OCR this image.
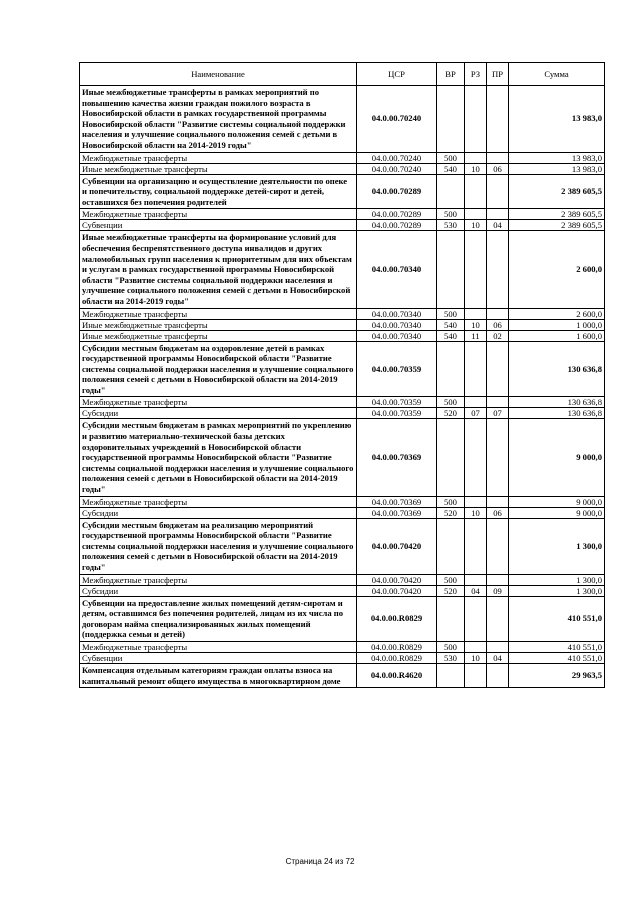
Наименование	ЦСР	ВР	РЗ	ПР	Сумма
Иные межбюджетные трансферты в рамках мероприятий по повышению качества жизни граждан пожилого возраста в Новосибирской области в рамках государственной программы Новосибирской области "Развитие системы социальной поддержки населения и улучшение социального положения семей с детьми в Новосибирской области на 2014-2019 годы"	04.0.00.70240				13 983,0
Межбюджетные трансферты	04.0.00.70240	500			13 983,0
Иные межбюджетные трансферты	04.0.00.70240	540	10	06	13 983,0
Субвенции на организацию и осуществление деятельности по опеке и попечительству, социальной поддержке детей-сирот и детей, оставшихся без попечения родителей	04.0.00.70289				2 389 605,5
Межбюджетные трансферты	04.0.00.70289	500			2 389 605,5
Субвенции	04.0.00.70289	530	10	04	2 389 605,5
Иные межбюджетные трансферты на формирование условий для обеспечения беспрепятственного доступа инвалидов и других маломобильных групп населения к приоритетным для них объектам и услугам в рамках государственной программы Новосибирской области "Развитие системы социальной поддержки населения и улучшение социального положения семей с детьми в Новосибирской области на 2014-2019 годы"	04.0.00.70340				2 600,0
Межбюджетные трансферты	04.0.00.70340	500			2 600,0
Иные межбюджетные трансферты	04.0.00.70340	540	10	06	1 000,0
Иные межбюджетные трансферты	04.0.00.70340	540	11	02	1 600,0
Субсидии местным бюджетам на оздоровление детей в рамках государственной программы Новосибирской области "Развитие системы социальной поддержки населения и улучшение социального положения семей с детьми в Новосибирской области на 2014-2019 годы"	04.0.00.70359				130 636,8
Межбюджетные трансферты	04.0.00.70359	500			130 636,8
Субсидии	04.0.00.70359	520	07	07	130 636,8
Субсидии местным бюджетам в рамках мероприятий по укреплению и развитию материально-технической базы детских оздоровительных учреждений в Новосибирской области государственной программы Новосибирской области "Развитие системы социальной поддержки населения и улучшение социального положения семей с детьми в Новосибирской области на 2014-2019 годы"	04.0.00.70369				9 000,0
Межбюджетные трансферты	04.0.00.70369	500			9 000,0
Субсидии	04.0.00.70369	520	10	06	9 000,0
Субсидии местным бюджетам на реализацию мероприятий государственной программы Новосибирской области "Развитие системы социальной поддержки населения и улучшение социального положения семей с детьми в Новосибирской области на 2014-2019 годы"	04.0.00.70420				1 300,0
Межбюджетные трансферты	04.0.00.70420	500			1 300,0
Субсидии	04.0.00.70420	520	04	09	1 300,0
Субвенции на предоставление жилых помещений детям-сиротам и детям, оставшимся без попечения родителей, лицам из их числа по договорам найма специализированных жилых помещений (поддержка семьи и детей)	04.0.00.R0829				410 551,0
Межбюджетные трансферты	04.0.00.R0829	500			410 551,0
Субвенции	04.0.00.R0829	530	10	04	410 551,0
Компенсация отдельным категориям граждан оплаты взноса на капитальный ремонт общего имущества в многоквартирном доме	04.0.00.R4620				29 963,5
Страница 24 из 72
